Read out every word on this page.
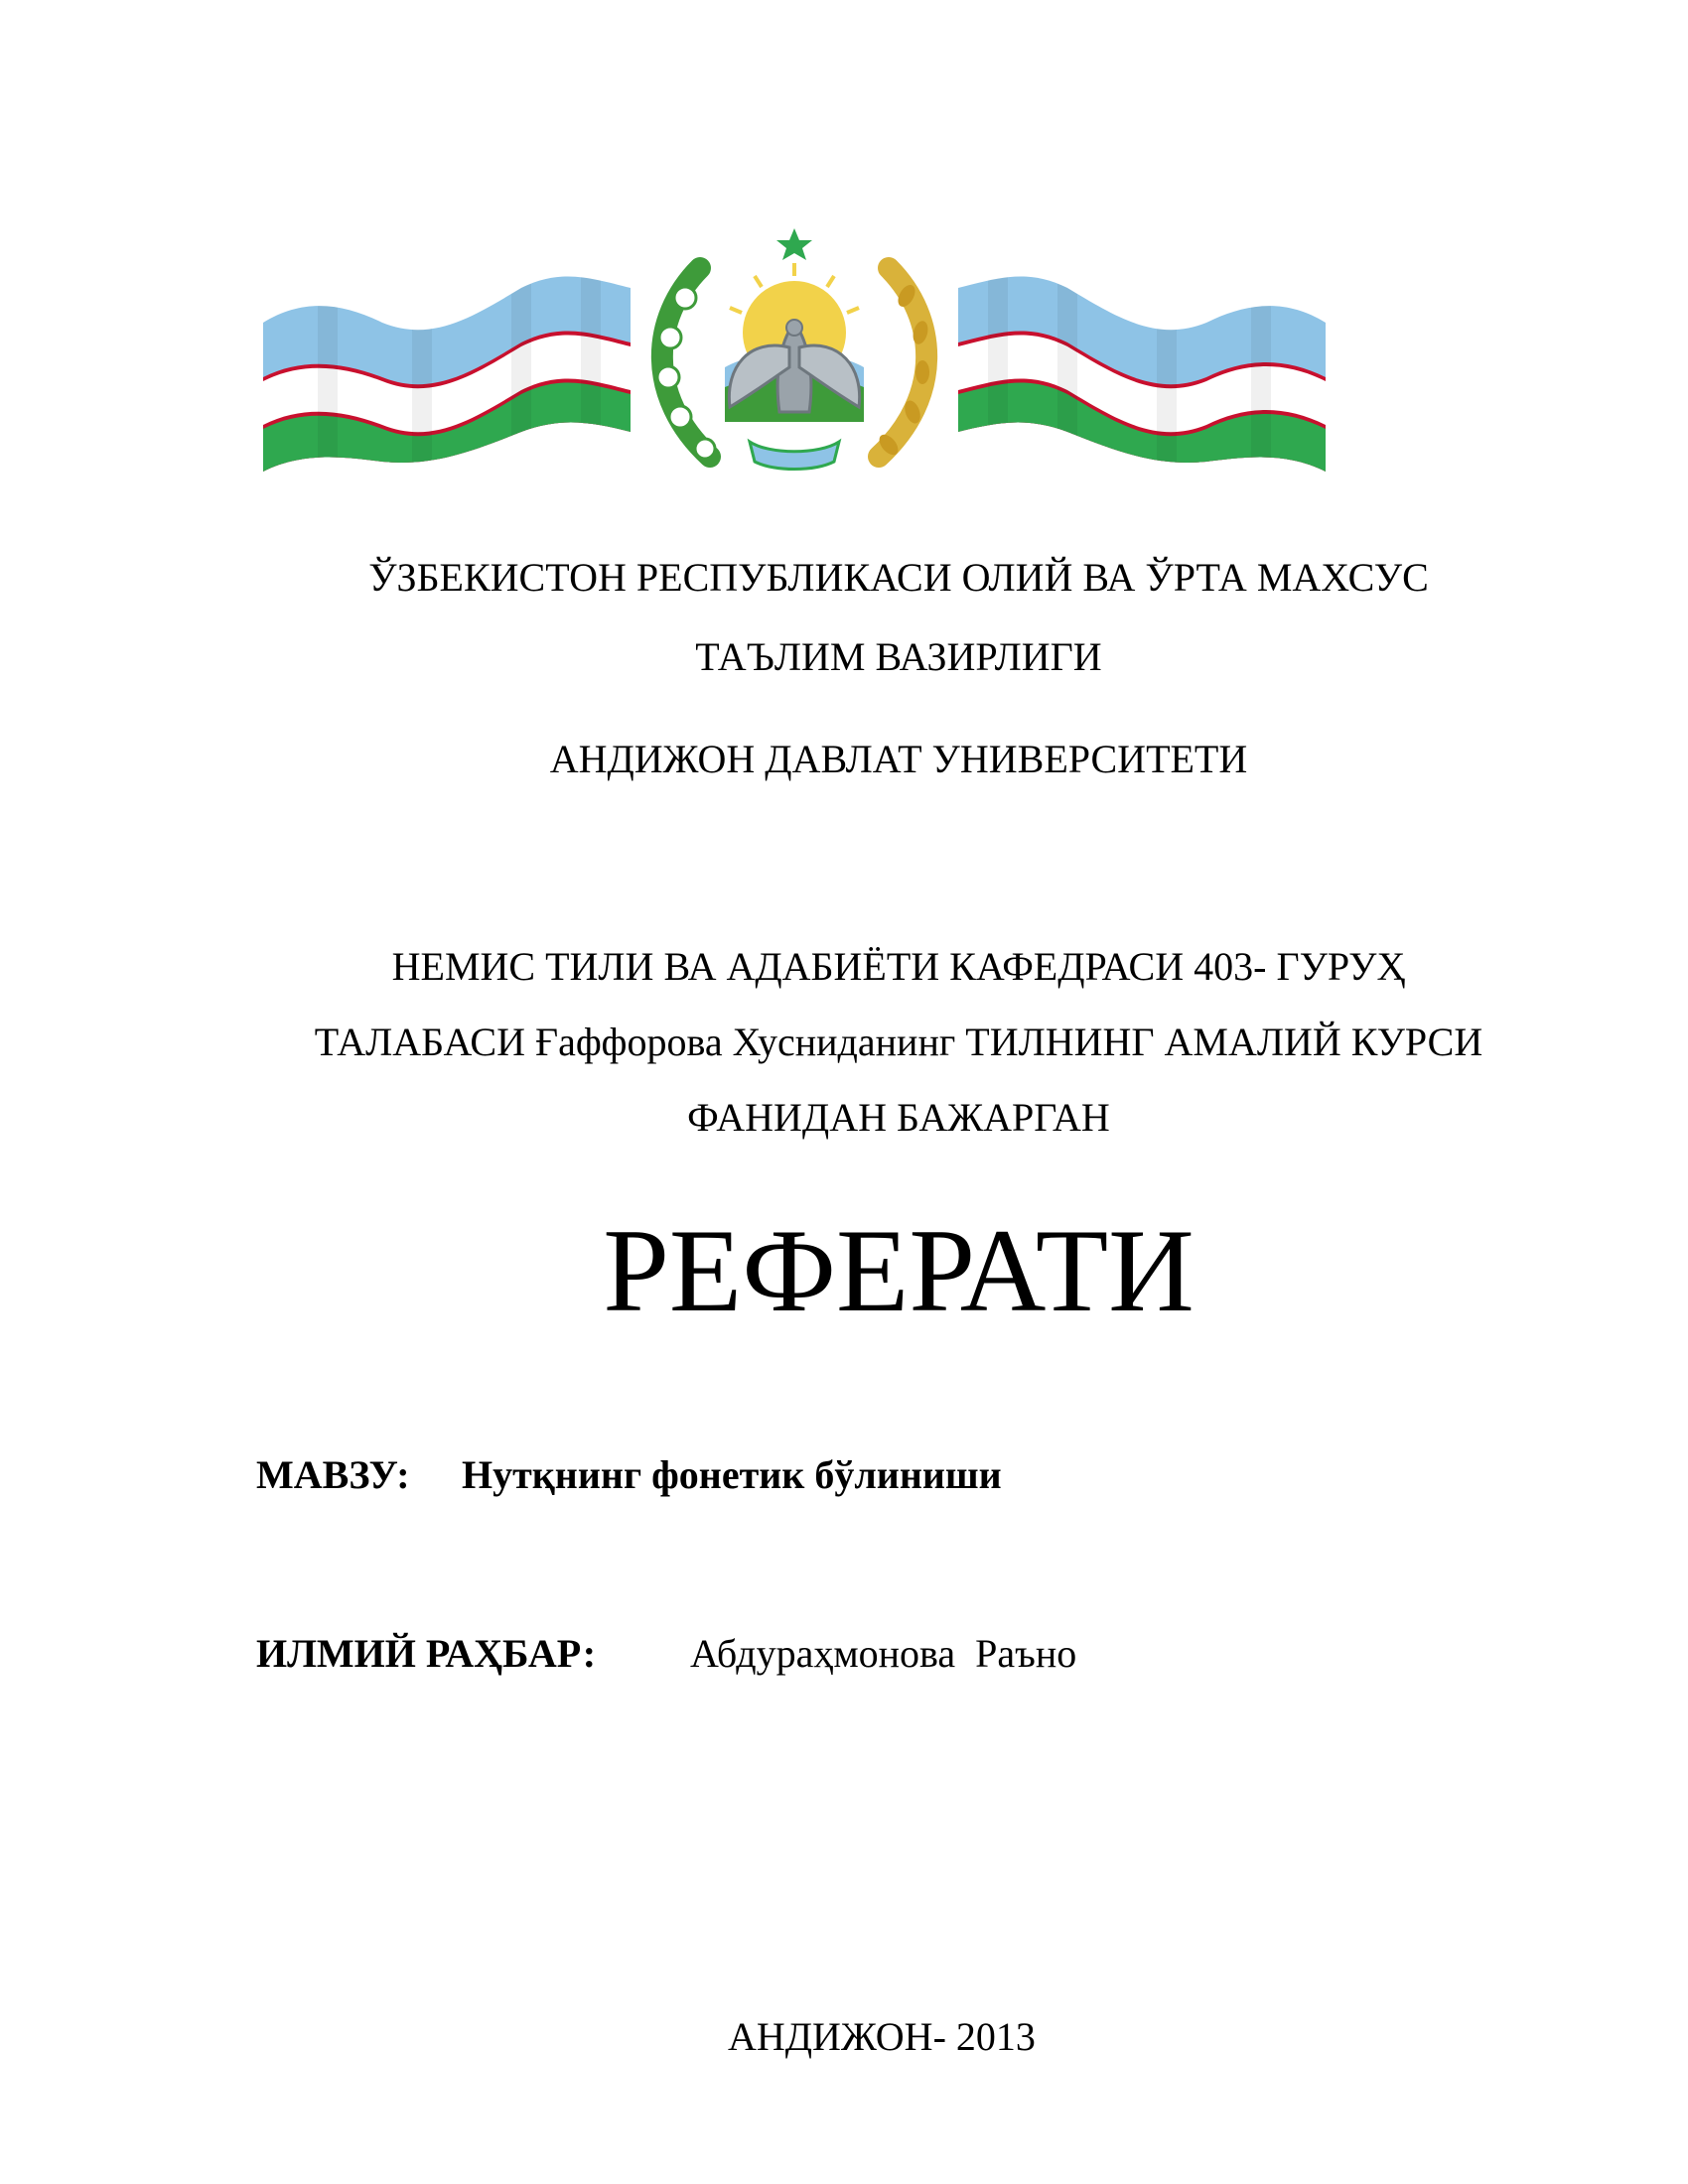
ЎЗБЕКИСТОН РЕСПУБЛИКАСИ ОЛИЙ ВА ЎРТА МАХСУС
ТАЪЛИМ ВАЗИРЛИГИ
АНДИЖОН ДАВЛАТ УНИВЕРСИТЕТИ
НЕМИС ТИЛИ ВА АДАБИЁТИ КАФЕДРАСИ 403- ГУРУҲ
ТАЛАБАСИ Ғаффорова Хусниданинг ТИЛНИНГ АМАЛИЙ КУРСИ
ФАНИДАН БАЖАРГАН
РЕФЕРАТИ
МАВЗУ: Нутқнинг фонетик бўлиниши
ИЛМИЙ РАҲБАР: Абдураҳмонова  Раъно
АНДИЖОН- 2013
